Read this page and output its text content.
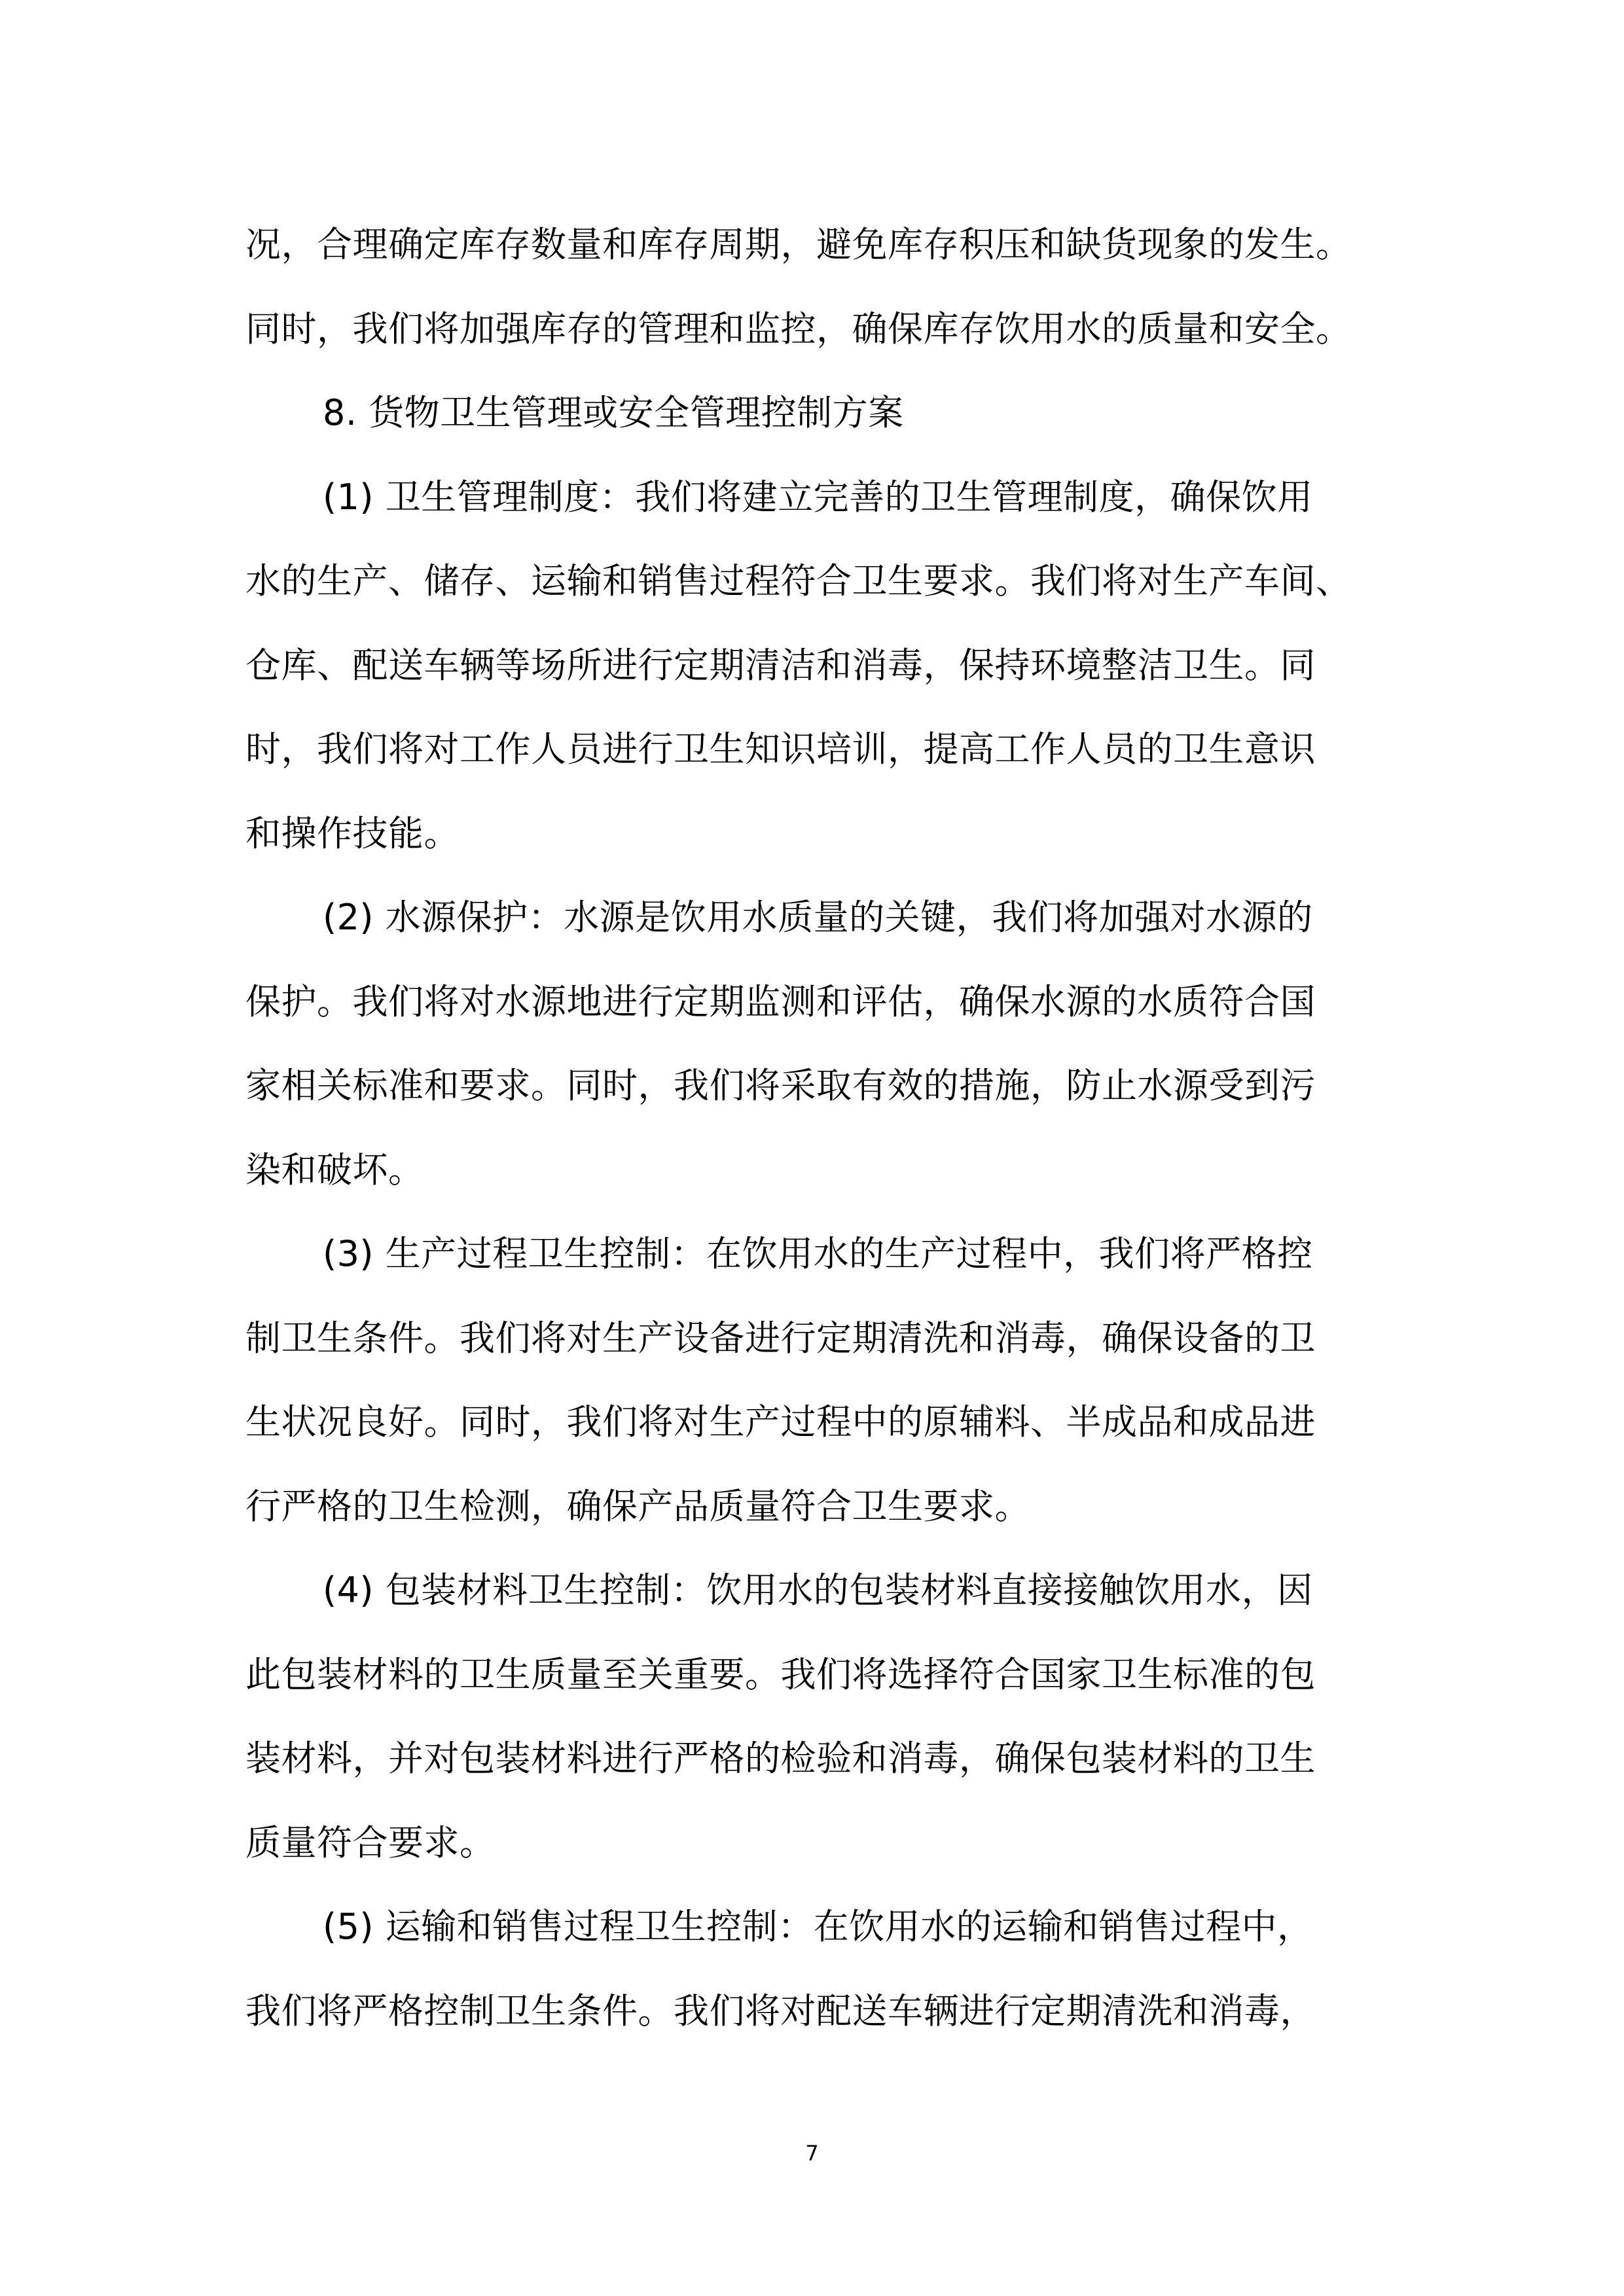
况，合理确定库存数量和库存周期，避免库存积压和缺货现象的发生。
同时，我们将加强库存的管理和监控，确保库存饮用水的质量和安全。
8. 货物卫生管理或安全管理控制方案
(1) 卫生管理制度：我们将建立完善的卫生管理制度，确保饮用
水的生产、储存、运输和销售过程符合卫生要求。我们将对生产车间、
仓库、配送车辆等场所进行定期清洁和消毒，保持环境整洁卫生。同
时，我们将对工作人员进行卫生知识培训，提高工作人员的卫生意识
和操作技能。
(2) 水源保护：水源是饮用水质量的关键，我们将加强对水源的
保护。我们将对水源地进行定期监测和评估，确保水源的水质符合国
家相关标准和要求。同时，我们将采取有效的措施，防止水源受到污
染和破坏。
(3) 生产过程卫生控制：在饮用水的生产过程中，我们将严格控
制卫生条件。我们将对生产设备进行定期清洗和消毒，确保设备的卫
生状况良好。同时，我们将对生产过程中的原辅料、半成品和成品进
行严格的卫生检测，确保产品质量符合卫生要求。
(4) 包装材料卫生控制：饮用水的包装材料直接接触饮用水，因
此包装材料的卫生质量至关重要。我们将选择符合国家卫生标准的包
装材料，并对包装材料进行严格的检验和消毒，确保包装材料的卫生
质量符合要求。
(5) 运输和销售过程卫生控制：在饮用水的运输和销售过程中，
我们将严格控制卫生条件。我们将对配送车辆进行定期清洗和消毒，
7
